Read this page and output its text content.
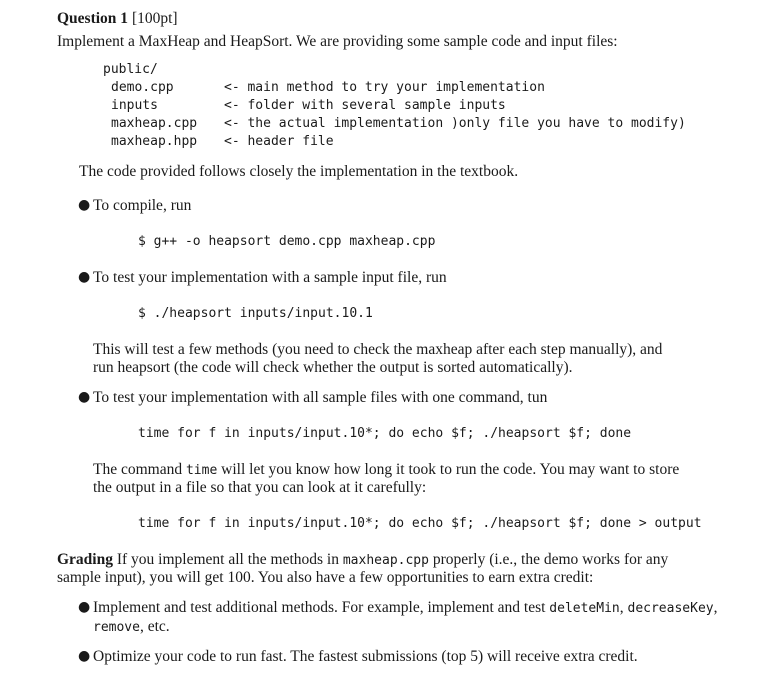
Question 1 [100pt]
Implement a MaxHeap and HeapSort. We are providing some sample code and input files:
public/
demo.cpp	<- main method to try your implementation
inputs	<- folder with several sample inputs
maxheap.cpp <- the actual implementation )only file you have to modify)
maxheap.hpp <- header file
The code provided follows closely the implementation in the textbook.
● To compile, run
$ g++ -o heapsort demo.cpp maxheap.cpp
● To test your implementation with a sample input file, run
$ ./heapsort inputs/input.10.1
This will test a few methods (you need to check the maxheap after each step manually), and
run heapsort (the code will check whether the output is sorted automatically).
● To test your implementation with all sample files with one command, tun
time for f in inputs/input.10*; do echo $f; ./heapsort $f; done
The command time will let you know how long it took to run the code. You may want to store
the output in a file so that you can look at it carefully:
time for f in inputs/input.10*; do echo $f; ./heapsort $f; done > output
Grading If you implement all the methods in maxheap.cpp properly (i.e., the demo works for any
sample input), you will get 100. You also have a few opportunities to earn extra credit:
● Implement and test additional methods. For example, implement and test deleteMin, decreaseKey,
remove, etc.
● Optimize your code to run fast. The fastest submissions (top 5) will receive extra credit.
